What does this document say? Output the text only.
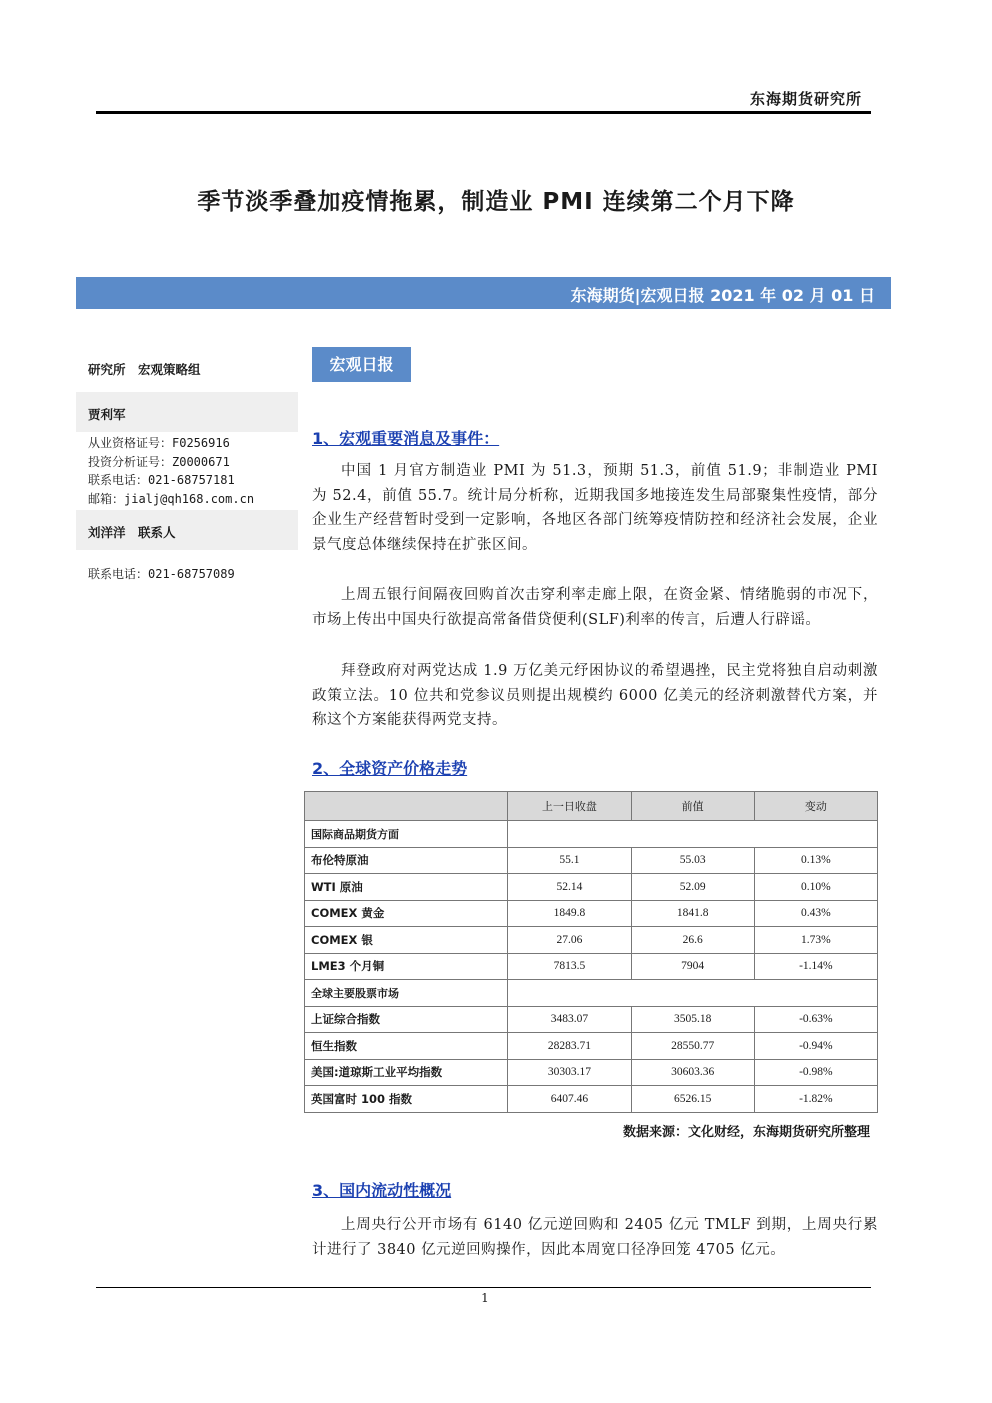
东海期货研究所
季节淡季叠加疫情拖累，制造业 PMI 连续第二个月下降
东海期货|宏观日报 2021 年 02 月 01 日
研究所　宏观策略组
贾利军
从业资格证号：F0256916
投资分析证号：Z0000671
联系电话：021-68757181
邮箱：jialj@qh168.com.cn
刘洋洋　联系人
联系电话：021-68757089
宏观日报
1、宏观重要消息及事件：
中国 1 月官方制造业 PMI 为 51.3，预期 51.3，前值 51.9；非制造业 PMI 为 52.4，前值 55.7。统计局分析称，近期我国多地接连发生局部聚集性疫情，部分企业生产经营暂时受到一定影响，各地区各部门统筹疫情防控和经济社会发展，企业景气度总体继续保持在扩张区间。
上周五银行间隔夜回购首次击穿利率走廊上限，在资金紧、情绪脆弱的市况下，市场上传出中国央行欲提高常备借贷便利(SLF)利率的传言，后遭人行辟谣。
拜登政府对两党达成 1.9 万亿美元纾困协议的希望遇挫，民主党将独自启动刺激政策立法。10 位共和党参议员则提出规模约 6000 亿美元的经济刺激替代方案，并称这个方案能获得两党支持。
2、全球资产价格走势
	上一日收盘	前值	变动
国际商品期货方面			
布伦特原油	55.1	55.03	0.13%
WTI 原油	52.14	52.09	0.10%
COMEX 黄金	1849.8	1841.8	0.43%
COMEX 银	27.06	26.6	1.73%
LME3 个月铜	7813.5	7904	-1.14%
全球主要股票市场			
上证综合指数	3483.07	3505.18	-0.63%
恒生指数	28283.71	28550.77	-0.94%
美国:道琼斯工业平均指数	30303.17	30603.36	-0.98%
英国富时 100 指数	6407.46	6526.15	-1.82%
数据来源：文化财经，东海期货研究所整理
3、国内流动性概况
上周央行公开市场有 6140 亿元逆回购和 2405 亿元 TMLF 到期，上周央行累计进行了 3840 亿元逆回购操作，因此本周宽口径净回笼 4705 亿元。
1
